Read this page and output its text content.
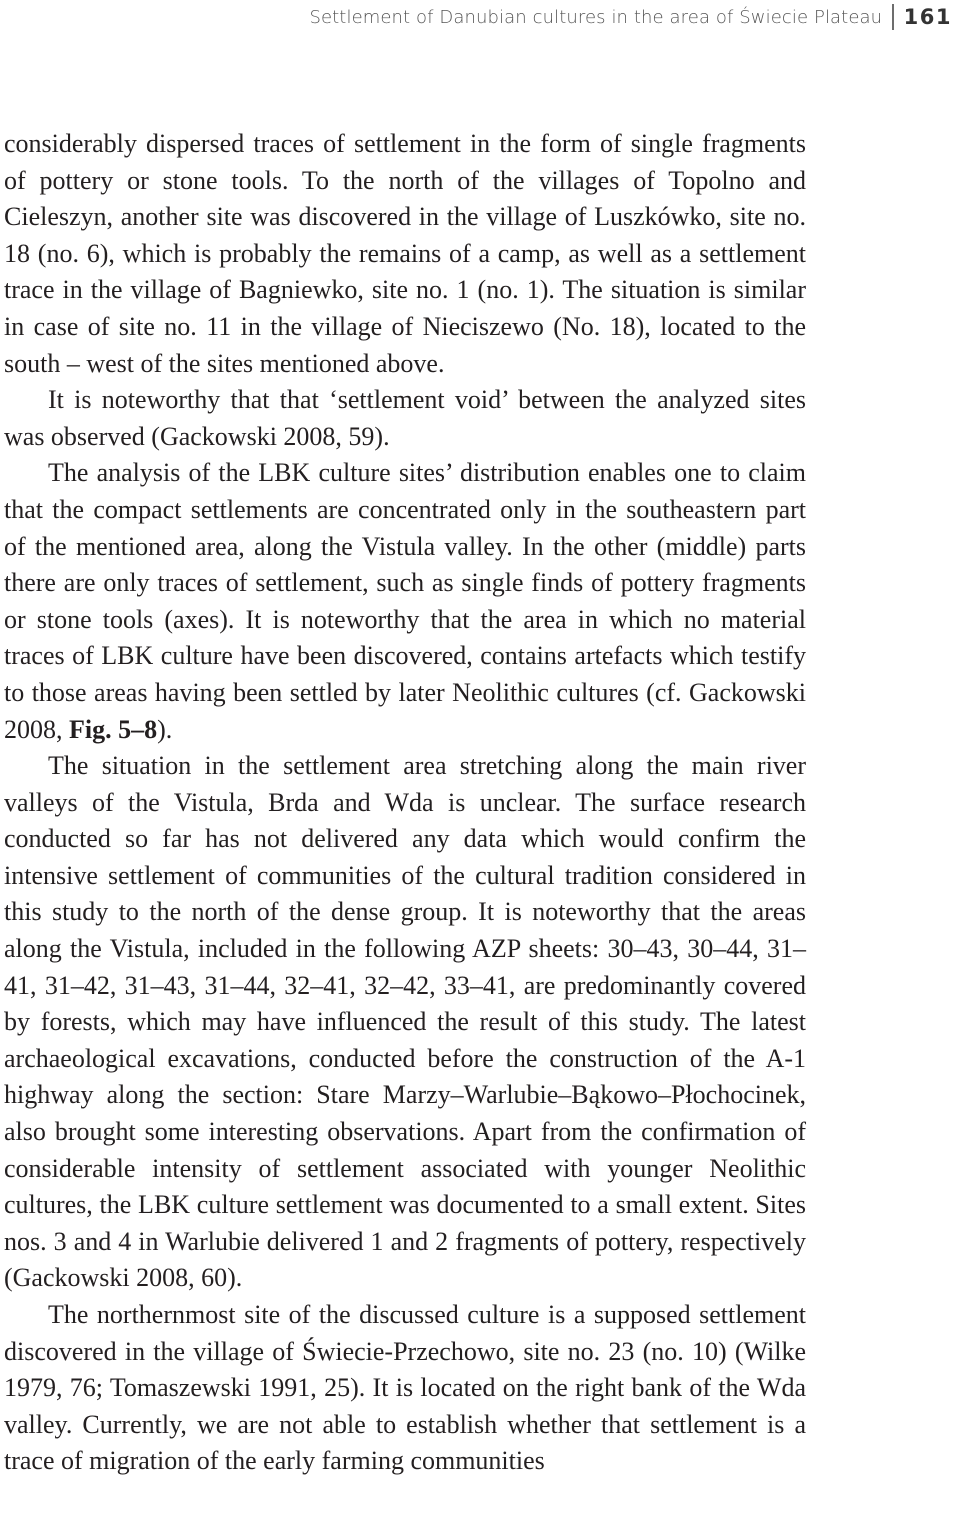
Settlement of Danubian cultures in the area of Świecie Plateau	161

considerably dispersed traces of settlement in the form of single fragments of pottery or stone tools. To the north of the villages of Topolno and Cieleszyn, another site was discovered in the village of Luszkówko, site no. 18 (no. 6), which is probably the remains of a camp, as well as a settlement trace in the village of Bagniewko, site no. 1 (no. 1). The situation is similar in case of site no. 11 in the village of Nieciszewo (No. 18), located to the south – west of the sites mentioned above.

It is noteworthy that that ‘settlement void’ between the analyzed sites was observed (Gackowski 2008, 59).

The analysis of the LBK culture sites’ distribution enables one to claim that the compact settlements are concentrated only in the southeastern part of the mentioned area, along the Vistula valley. In the other (middle) parts there are only traces of settlement, such as single finds of pottery fragments or stone tools (axes). It is noteworthy that the area in which no material traces of LBK culture have been discovered, contains artefacts which testify to those areas having been settled by later Neolithic cultures (cf. Gackowski 2008, Fig. 5–8).

The situation in the settlement area stretching along the main river valleys of the Vistula, Brda and Wda is unclear. The surface research conducted so far has not delivered any data which would confirm the intensive settlement of communities of the cultural tradition considered in this study to the north of the dense group. It is noteworthy that the areas along the Vistula, included in the following AZP sheets: 30–43, 30–44, 31–41, 31–42, 31–43, 31–44, 32–41, 32–42, 33–41, are predominantly covered by forests, which may have influenced the result of this study. The latest archaeological excavations, conducted before the construction of the A-1 highway along the section: Stare Marzy–Warlubie–Bąkowo–Płochocinek, also brought some interesting observations. Apart from the confirmation of considerable intensity of settlement associated with younger Neolithic cultures, the LBK culture settlement was documented to a small extent. Sites nos. 3 and 4 in Warlubie delivered 1 and 2 fragments of pottery, respectively (Gackowski 2008, 60).

The northernmost site of the discussed culture is a supposed settlement discovered in the village of Świecie-Przechowo, site no. 23 (no. 10) (Wilke 1979, 76; Tomaszewski 1991, 25). It is located on the right bank of the Wda valley. Currently, we are not able to establish whether that settlement is a trace of migration of the early farming communities
